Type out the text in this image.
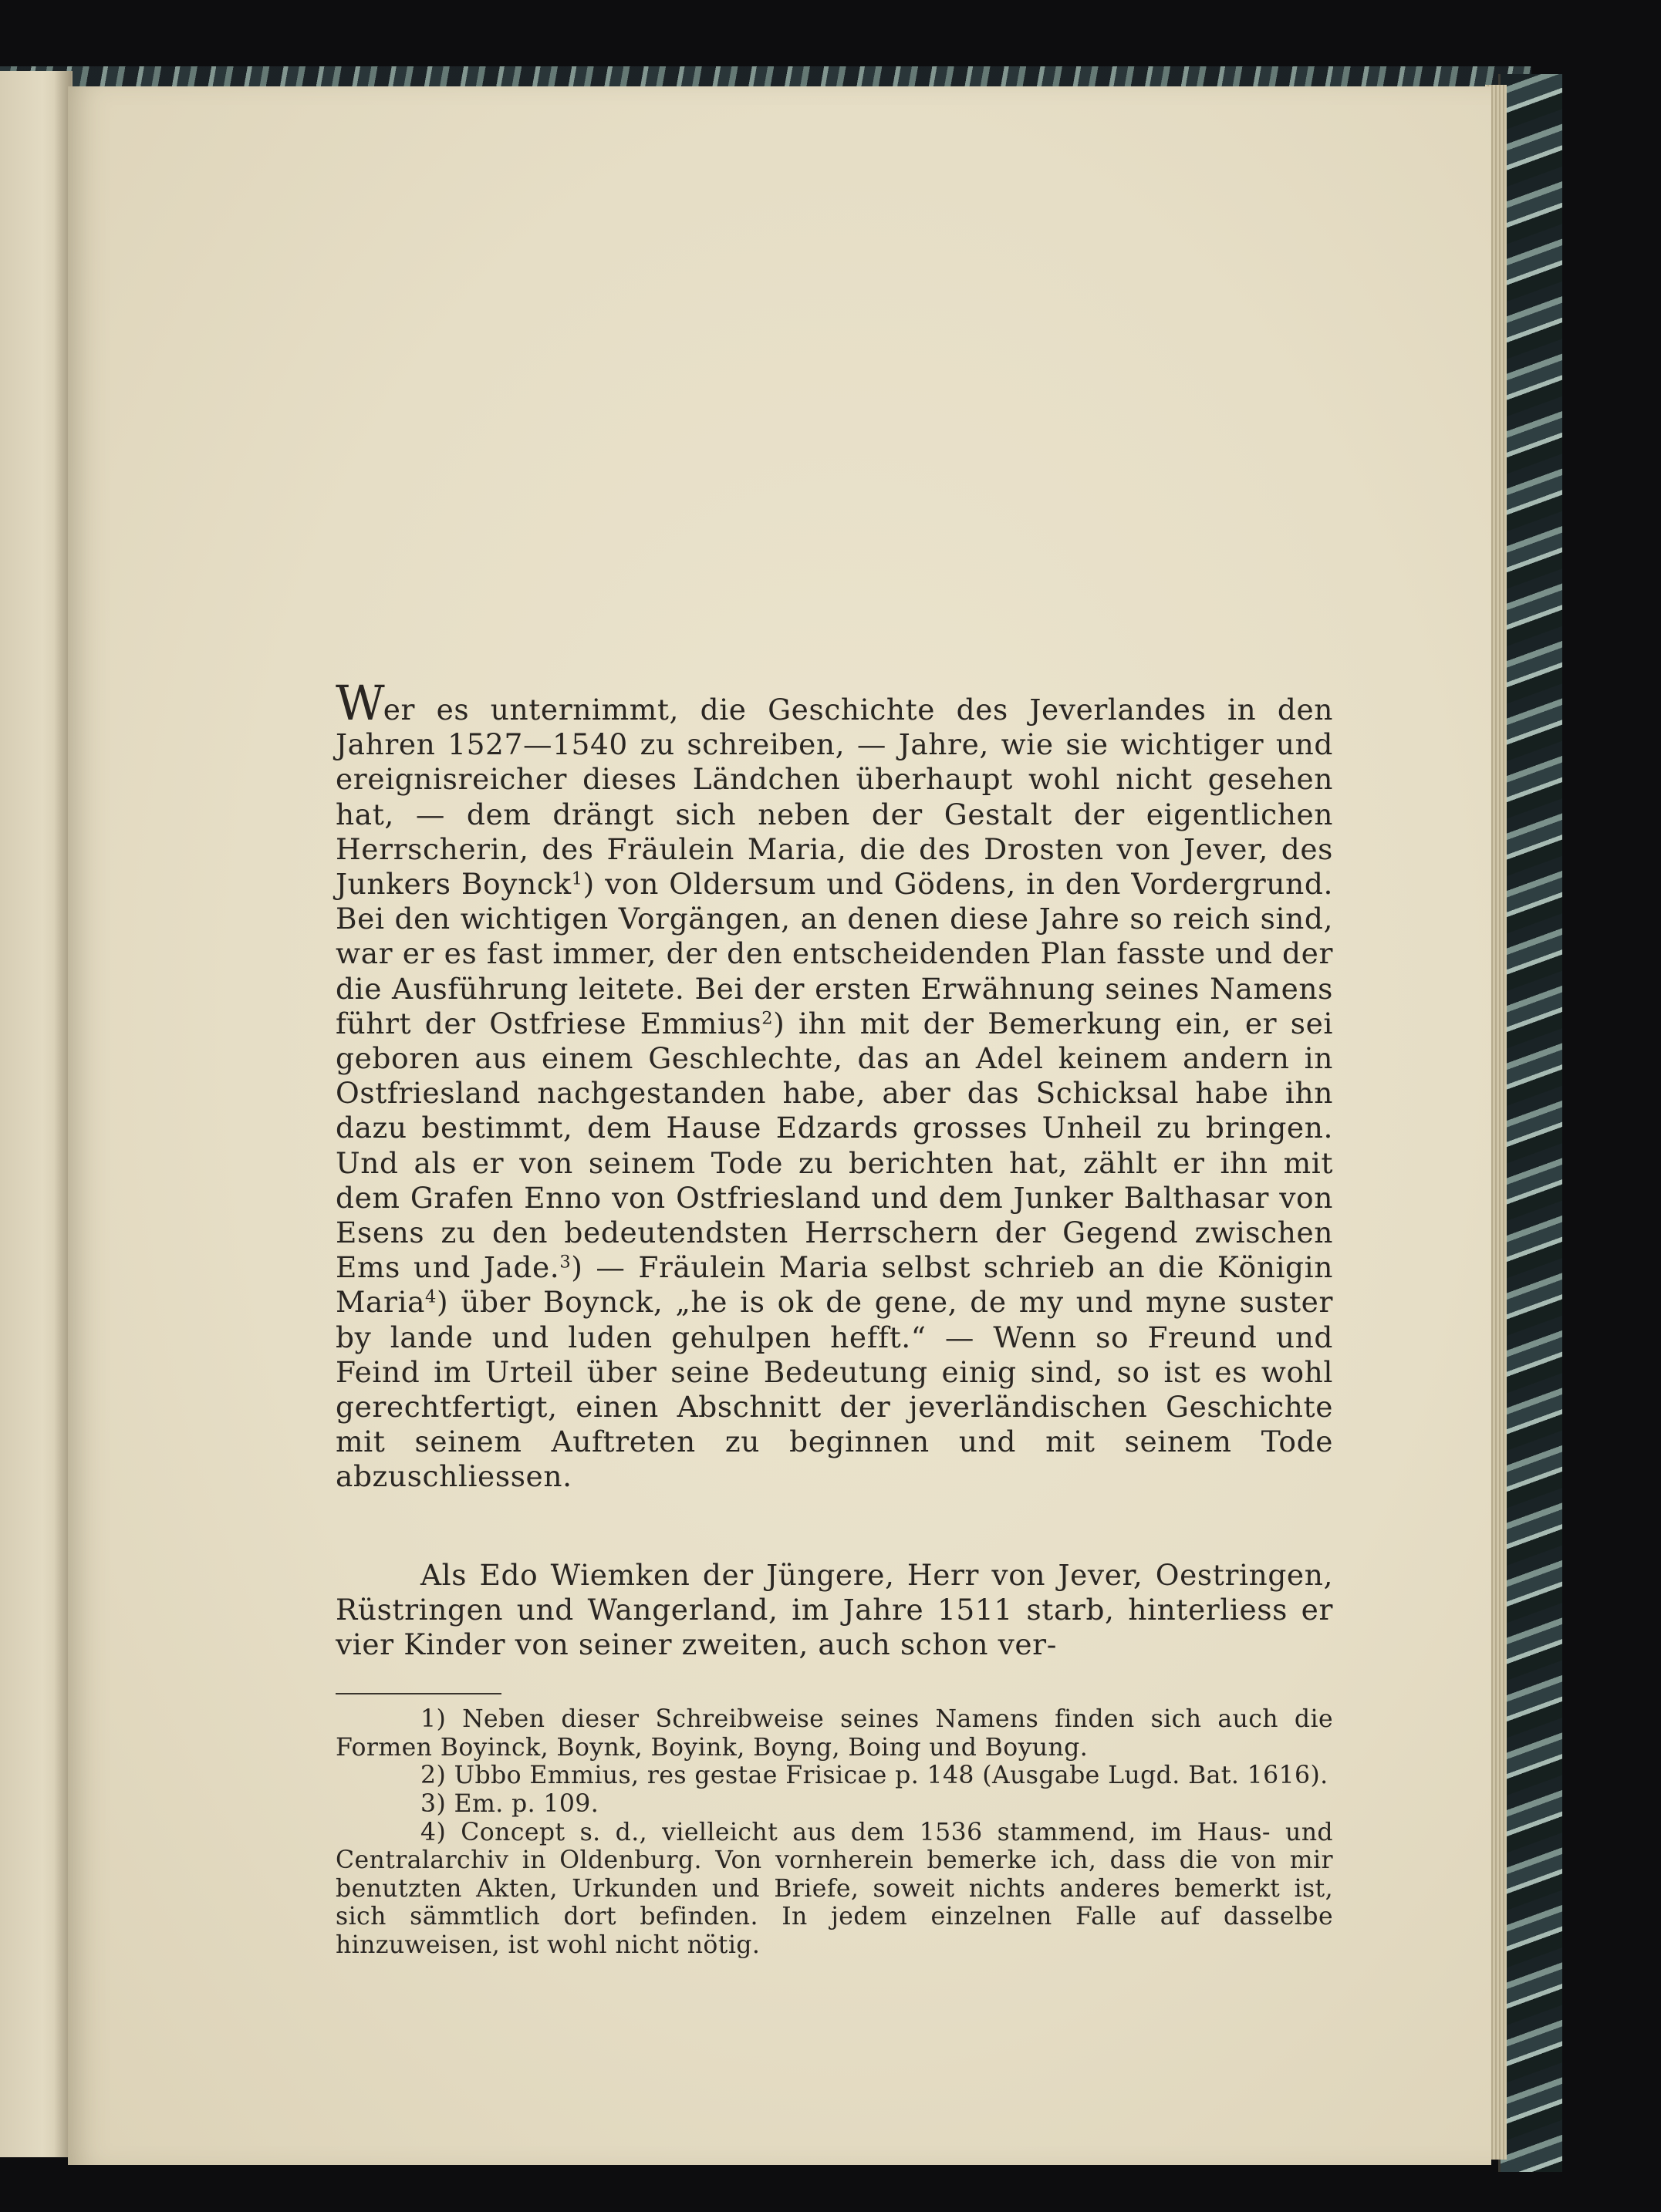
Wer es unternimmt, die Geschichte des Jeverlandes in den Jahren 1527—1540 zu schreiben, — Jahre, wie sie wichtiger und ereignisreicher dieses Ländchen überhaupt wohl nicht gesehen hat, — dem drängt sich neben der Gestalt der eigentlichen Herrscherin, des Fräulein Maria, die des Drosten von Jever, des Junkers Boynck$^1$) von Oldersum und Gödens, in den Vordergrund. Bei den wichtigen Vorgängen, an denen diese Jahre so reich sind, war er es fast immer, der den entscheidenden Plan fasste und der die Ausführung leitete. Bei der ersten Erwähnung seines Namens führt der Ostfriese Emmius$^2$) ihn mit der Bemerkung ein, er sei geboren aus einem Geschlechte, das an Adel keinem andern in Ostfriesland nachgestanden habe, aber das Schicksal habe ihn dazu bestimmt, dem Hause Edzards grosses Unheil zu bringen. Und als er von seinem Tode zu berichten hat, zählt er ihn mit dem Grafen Enno von Ostfriesland und dem Junker Balthasar von Esens zu den bedeutendsten Herrschern der Gegend zwischen Ems und Jade.$^3$) — Fräulein Maria selbst schrieb an die Königin Maria$^4$) über Boynck, „he is ok de gene, de my und myne suster by lande und luden gehulpen hefft.“ — Wenn so Freund und Feind im Urteil über seine Bedeutung einig sind, so ist es wohl gerechtfertigt, einen Abschnitt der jeverländischen Geschichte mit seinem Auftreten zu beginnen und mit seinem Tode abzuschliessen.

Als Edo Wiemken der Jüngere, Herr von Jever, Oestringen, Rüstringen und Wangerland, im Jahre 1511 starb, hinterliess er vier Kinder von seiner zweiten, auch schon ver-

1) Neben dieser Schreibweise seines Namens finden sich auch die Formen Boyinck, Boynk, Boyink, Boyng, Boing und Boyung.

2) Ubbo Emmius, res gestae Frisicae p. 148 (Ausgabe Lugd. Bat. 1616).

3) Em. p. 109.

4) Concept s. d., vielleicht aus dem 1536 stammend, im Haus- und Centralarchiv in Oldenburg. Von vornherein bemerke ich, dass die von mir benutzten Akten, Urkunden und Briefe, soweit nichts anderes bemerkt ist, sich sämmtlich dort befinden. In jedem einzelnen Falle auf dasselbe hinzuweisen, ist wohl nicht nötig.
